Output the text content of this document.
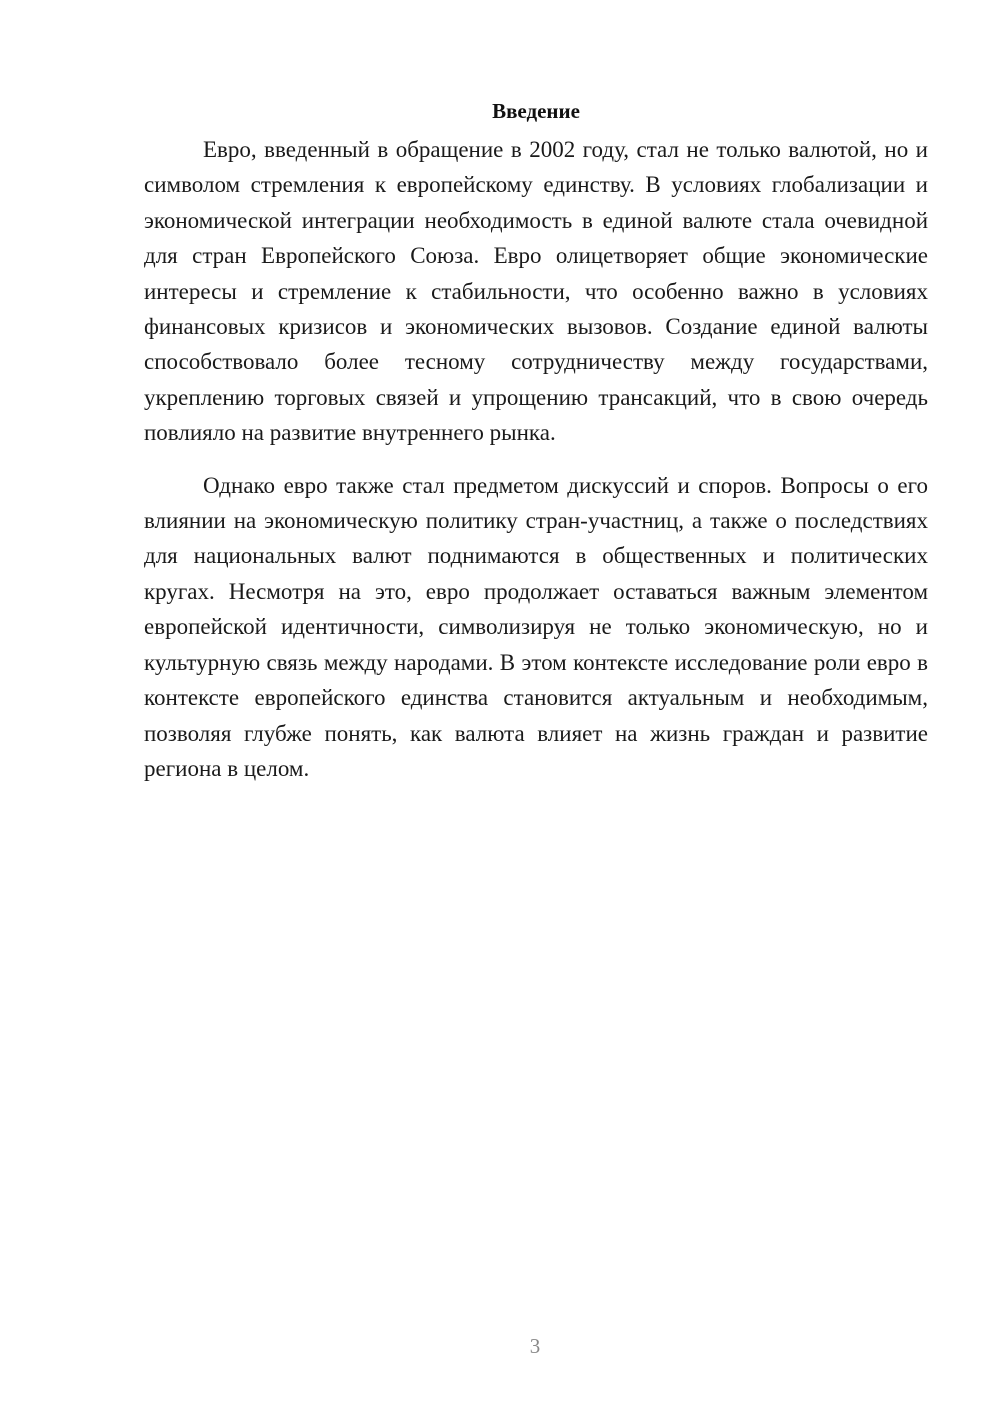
Введение

Евро, введенный в обращение в 2002 году, стал не только валютой, но и символом стремления к европейскому единству. В условиях глобализации и экономической интеграции необходимость в единой валюте стала очевидной для стран Европейского Союза. Евро олицетворяет общие экономические интересы и стремление к стабильности, что особенно важно в условиях финансовых кризисов и экономических вызовов. Создание единой валюты способствовало более тесному сотрудничеству между государствами, укреплению торговых связей и упрощению трансакций, что в свою очередь повлияло на развитие внутреннего рынка.

Однако евро также стал предметом дискуссий и споров. Вопросы о его влиянии на экономическую политику стран-участниц, а также о последствиях для национальных валют поднимаются в общественных и политических кругах. Несмотря на это, евро продолжает оставаться важным элементом европейской идентичности, символизируя не только экономическую, но и культурную связь между народами. В этом контексте исследование роли евро в контексте европейского единства становится актуальным и необходимым, позволяя глубже понять, как валюта влияет на жизнь граждан и развитие региона в целом.

3
